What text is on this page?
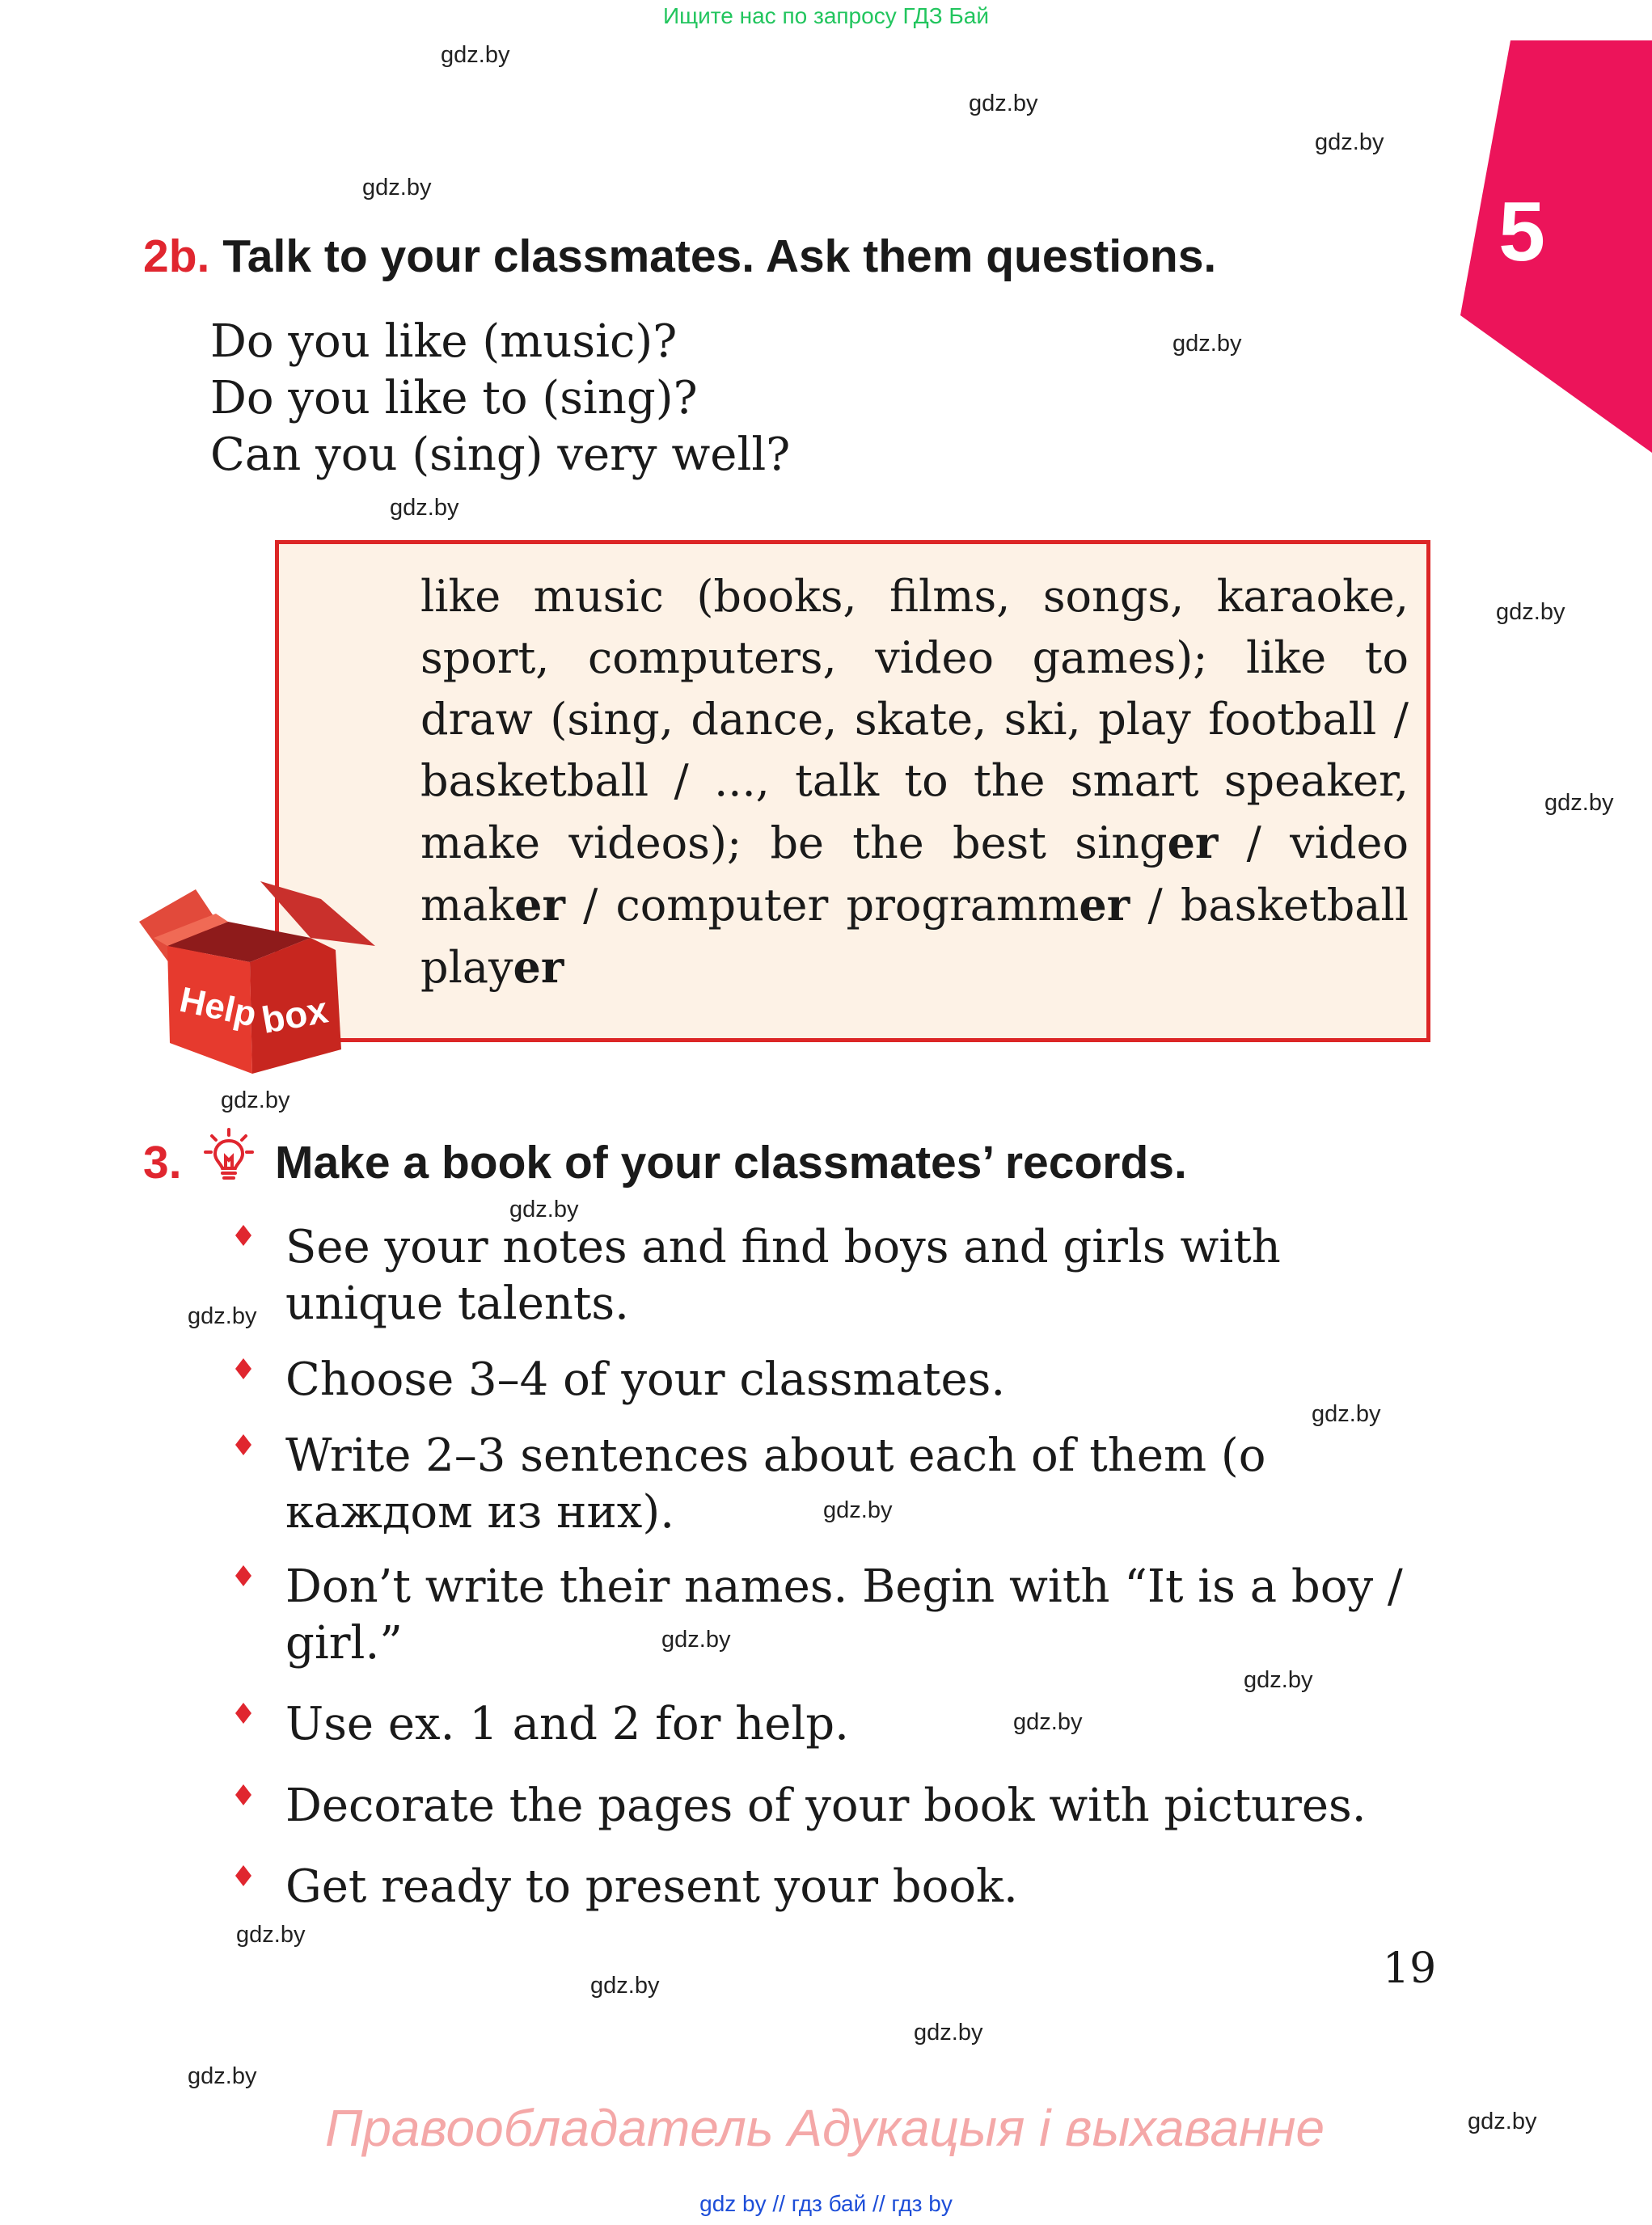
Ищите нас по запросу ГДЗ Бай
gdz.by
gdz.by
gdz.by
gdz.by
gdz.by
gdz.by
gdz.by
gdz.by
gdz.by
gdz.by
gdz.by
gdz.by
gdz.by
gdz.by
gdz.by
gdz.by
gdz.by
gdz.by
gdz.by
gdz.by
gdz.by
5
2b. Talk to your classmates. Ask them questions.
Do you like (music)?
Do you like to (sing)?
Can you (sing) very well?
like music (books, films, songs, karaoke, sport, computers, video games); like to draw (sing, dance, skate, ski, play football / basketball / ..., talk to the smart speaker, make videos); be the best singer / video maker / computer programmer / basketball player
Help
box
3. Make a book of your classmates’ records.
See your notes and find boys and girls with unique talents.
Choose 3–4 of your classmates.
Write 2–3 sentences about each of them (о каждом из них).
Don’t write their names. Begin with “It is a boy / girl.”
Use ex. 1 and 2 for help.
Decorate the pages of your book with pictures.
Get ready to present your book.
19
Правообладатель Адукацыя і выхаванне
gdz by // гдз бай // гдз by
